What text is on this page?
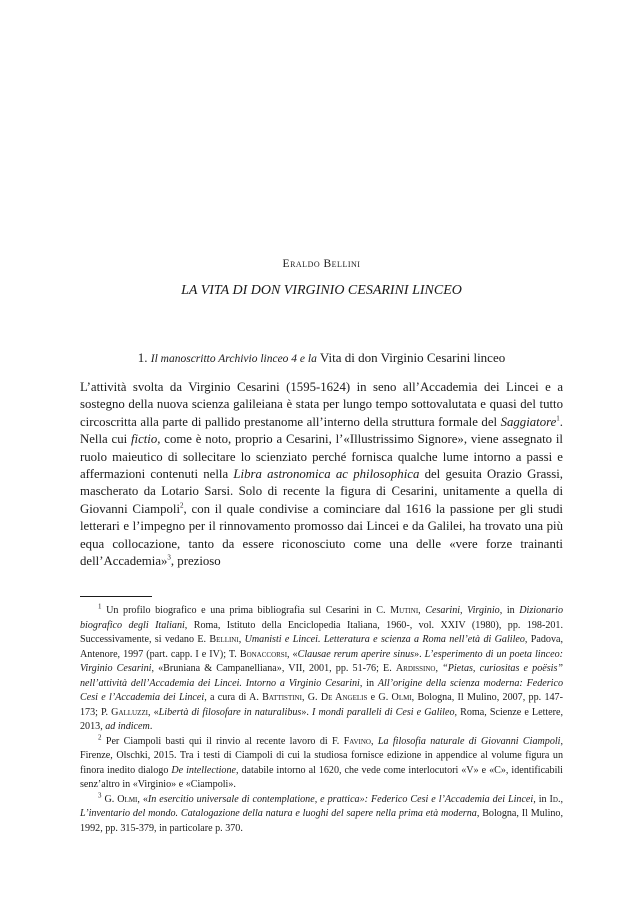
Eraldo Bellini
LA VITA DI DON VIRGINIO CESARINI LINCEO
1. Il manoscritto Archivio linceo 4 e la Vita di don Virginio Cesarini linceo
L’attività svolta da Virginio Cesarini (1595-1624) in seno all’Accademia dei Lincei e a sostegno della nuova scienza galileiana è stata per lungo tempo sottovalutata e quasi del tutto circoscritta alla parte di pallido prestanome all’interno della struttura formale del Saggiatore$^1$. Nella cui fictio, come è noto, proprio a Cesarini, l’«Illustrissimo Signore», viene assegnato il ruolo maieutico di sollecitare lo scienziato perché fornisca qualche lume intorno a passi e affermazioni contenuti nella Libra astronomica ac philosophica del gesuita Orazio Grassi, mascherato da Lotario Sarsi. Solo di recente la figura di Cesarini, unitamente a quella di Giovanni Ciampoli$^2$, con il quale condivise a cominciare dal 1616 la passione per gli studi letterari e l’impegno per il rinnovamento promosso dai Lincei e da Galilei, ha trovato una più equa collocazione, tanto da essere riconosciuto come una delle «vere forze trainanti dell’Accademia»$^3$, prezioso

$^1$ Un profilo biografico e una prima bibliografia sul Cesarini in C. Mutini, Cesarini, Virginio, in Dizionario biografico degli Italiani, Roma, Istituto della Enciclopedia Italiana, 1960-, vol. XXIV (1980), pp. 198-201. Successivamente, si vedano E. Bellini, Umanisti e Lincei. Letteratura e scienza a Roma nell’età di Galileo, Padova, Antenore, 1997 (part. capp. I e IV); T. Bonaccorsi, «Clausae rerum aperire sinus». L’esperimento di un poeta linceo: Virginio Cesarini, «Bruniana & Campanelliana», VII, 2001, pp. 51-76; E. Ardissino, “Pietas, curiositas e poësis” nell’attività dell’Accademia dei Lincei. Intorno a Virginio Cesarini, in All’origine della scienza moderna: Federico Cesi e l’Accademia dei Lincei, a cura di A. Battistini, G. De Angelis e G. Olmi, Bologna, Il Mulino, 2007, pp. 147-173; P. Galluzzi, «Libertà di filosofare in naturalibus». I mondi paralleli di Cesi e Galileo, Roma, Scienze e Lettere, 2013, ad indicem.

$^2$ Per Ciampoli basti qui il rinvio al recente lavoro di F. Favino, La filosofia naturale di Giovanni Ciampoli, Firenze, Olschki, 2015. Tra i testi di Ciampoli di cui la studiosa fornisce edizione in appendice al volume figura un finora inedito dialogo De intellectione, databile intorno al 1620, che vede come interlocutori «V» e «C», identificabili senz’altro in «Virginio» e «Ciampoli».

$^3$ G. Olmi, «In esercitio universale di contemplatione, e prattica»: Federico Cesi e l’Accademia dei Lincei, in Id., L’inventario del mondo. Catalogazione della natura e luoghi del sapere nella prima età moderna, Bologna, Il Mulino, 1992, pp. 315-379, in particolare p. 370.
